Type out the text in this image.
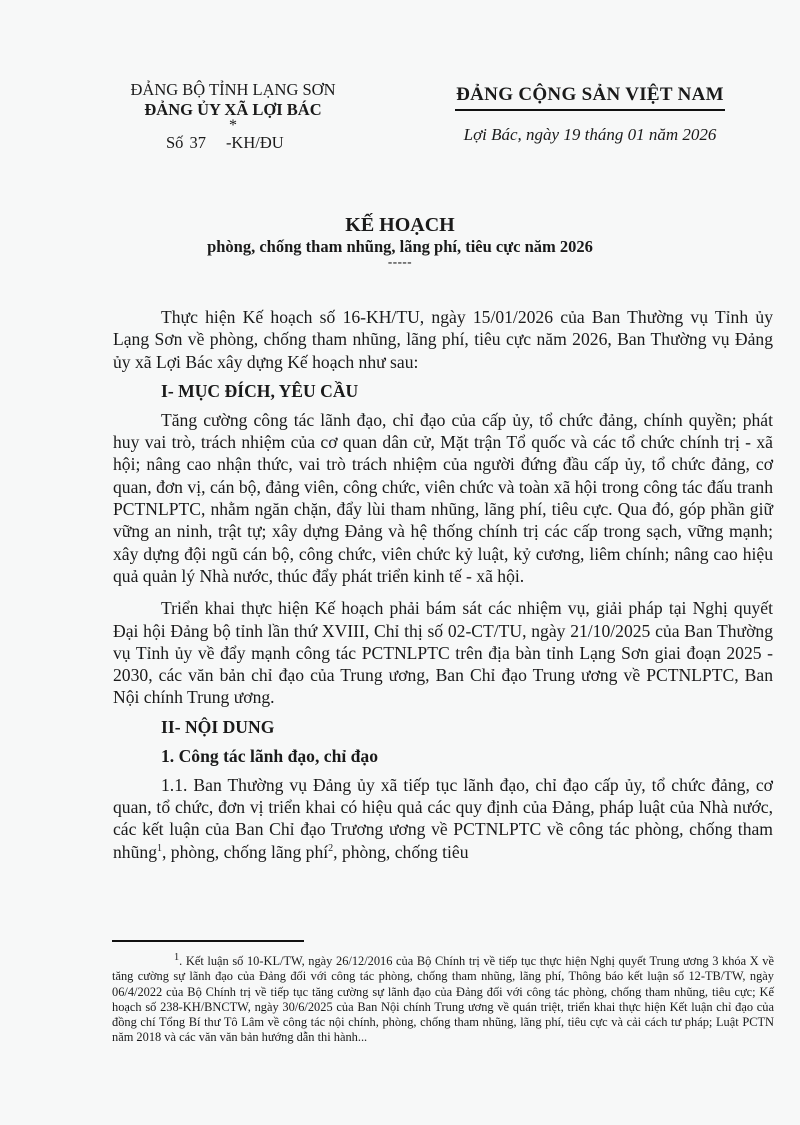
ĐẢNG BỘ TỈNH LẠNG SƠN
ĐẢNG ỦY XÃ LỢI BÁC
*
Số 37 -KH/ĐU
ĐẢNG CỘNG SẢN VIỆT NAM
Lợi Bác, ngày 19 tháng 01 năm 2026
KẾ HOẠCH
phòng, chống tham nhũng, lãng phí, tiêu cực năm 2026
-----

Thực hiện Kế hoạch số 16-KH/TU, ngày 15/01/2026 của Ban Thường vụ Tỉnh ủy Lạng Sơn về phòng, chống tham nhũng, lãng phí, tiêu cực năm 2026, Ban Thường vụ Đảng ủy xã Lợi Bác xây dựng Kế hoạch như sau:

I- MỤC ĐÍCH, YÊU CẦU

Tăng cường công tác lãnh đạo, chỉ đạo của cấp ủy, tổ chức đảng, chính quyền; phát huy vai trò, trách nhiệm của cơ quan dân cử, Mặt trận Tổ quốc và các tổ chức chính trị - xã hội; nâng cao nhận thức, vai trò trách nhiệm của người đứng đầu cấp ủy, tổ chức đảng, cơ quan, đơn vị, cán bộ, đảng viên, công chức, viên chức và toàn xã hội trong công tác đấu tranh PCTNLPTC, nhằm ngăn chặn, đẩy lùi tham nhũng, lãng phí, tiêu cực. Qua đó, góp phần giữ vững an ninh, trật tự; xây dựng Đảng và hệ thống chính trị các cấp trong sạch, vững mạnh; xây dựng đội ngũ cán bộ, công chức, viên chức kỷ luật, kỷ cương, liêm chính; nâng cao hiệu quả quản lý Nhà nước, thúc đẩy phát triển kinh tế - xã hội.

Triển khai thực hiện Kế hoạch phải bám sát các nhiệm vụ, giải pháp tại Nghị quyết Đại hội Đảng bộ tỉnh lần thứ XVIII, Chỉ thị số 02-CT/TU, ngày 21/10/2025 của Ban Thường vụ Tỉnh ủy về đẩy mạnh công tác PCTNLPTC trên địa bàn tỉnh Lạng Sơn giai đoạn 2025 - 2030, các văn bản chỉ đạo của Trung ương, Ban Chỉ đạo Trung ương về PCTNLPTC, Ban Nội chính Trung ương.

II- NỘI DUNG
1. Công tác lãnh đạo, chỉ đạo

1.1. Ban Thường vụ Đảng ủy xã tiếp tục lãnh đạo, chỉ đạo cấp ủy, tổ chức đảng, cơ quan, tổ chức, đơn vị triển khai có hiệu quả các quy định của Đảng, pháp luật của Nhà nước, các kết luận của Ban Chỉ đạo Trương ương về PCTNLPTC về công tác phòng, chống tham nhũng$^1$, phòng, chống lãng phí$^2$, phòng, chống tiêu

$^1$. Kết luận số 10-KL/TW, ngày 26/12/2016 của Bộ Chính trị về tiếp tục thực hiện Nghị quyết Trung ương 3 khóa X về tăng cường sự lãnh đạo của Đảng đối với công tác phòng, chống tham nhũng, lãng phí, Thông báo kết luận số 12-TB/TW, ngày 06/4/2022 của Bộ Chính trị về tiếp tục tăng cường sự lãnh đạo của Đảng đối với công tác phòng, chống tham nhũng, tiêu cực; Kế hoạch số 238-KH/BNCTW, ngày 30/6/2025 của Ban Nội chính Trung ương về quán triệt, triển khai thực hiện Kết luận chỉ đạo của đồng chí Tổng Bí thư Tô Lâm về công tác nội chính, phòng, chống tham nhũng, lãng phí, tiêu cực và cải cách tư pháp; Luật PCTN năm 2018 và các văn văn bản hướng dẫn thi hành...
